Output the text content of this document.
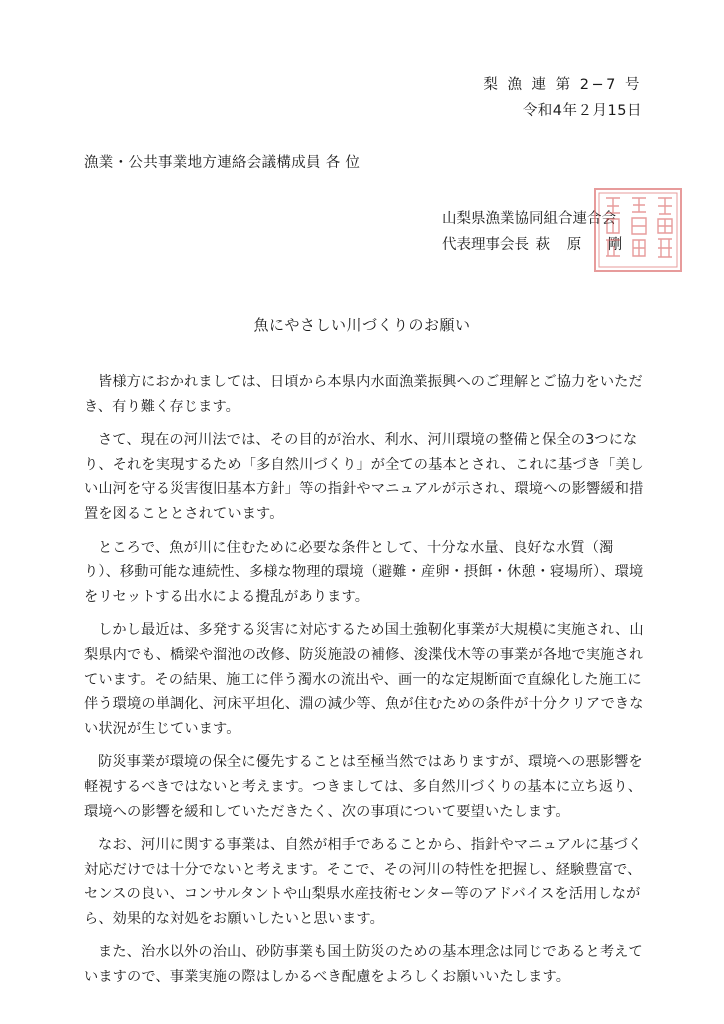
梨 漁 連 第 2−7 号
令和4年２月15日
漁業・公共事業地方連絡会議構成員 各 位
山梨県漁業協同組合連合会
代表理事会長 萩 原　剛
魚にやさしい川づくりのお願い

皆様方におかれましては、日頃から本県内水面漁業振興へのご理解とご協力をいただき、有り難く存じます。

さて、現在の河川法では、その目的が治水、利水、河川環境の整備と保全の3つになり、それを実現するため「多自然川づくり」が全ての基本とされ、これに基づき「美しい山河を守る災害復旧基本方針」等の指針やマニュアルが示され、環境への影響緩和措置を図ることとされています。

ところで、魚が川に住むために必要な条件として、十分な水量、良好な水質（濁り）、移動可能な連続性、多様な物理的環境（避難・産卵・摂餌・休憩・寝場所）、環境をリセットする出水による攪乱があります。

しかし最近は、多発する災害に対応するため国土強靭化事業が大規模に実施され、山梨県内でも、橋梁や溜池の改修、防災施設の補修、浚渫伐木等の事業が各地で実施されています。その結果、施工に伴う濁水の流出や、画一的な定規断面で直線化した施工に伴う環境の単調化、河床平坦化、淵の減少等、魚が住むための条件が十分クリアできない状況が生じています。

防災事業が環境の保全に優先することは至極当然ではありますが、環境への悪影響を軽視するべきではないと考えます。つきましては、多自然川づくりの基本に立ち返り、環境への影響を緩和していただきたく、次の事項について要望いたします。

なお、河川に関する事業は、自然が相手であることから、指針やマニュアルに基づく対応だけでは十分でないと考えます。そこで、その河川の特性を把握し、経験豊富で、センスの良い、コンサルタントや山梨県水産技術センター等のアドバイスを活用しながら、効果的な対処をお願いしたいと思います。

また、治水以外の治山、砂防事業も国土防災のための基本理念は同じであると考えていますので、事業実施の際はしかるべき配慮をよろしくお願いいたします。
